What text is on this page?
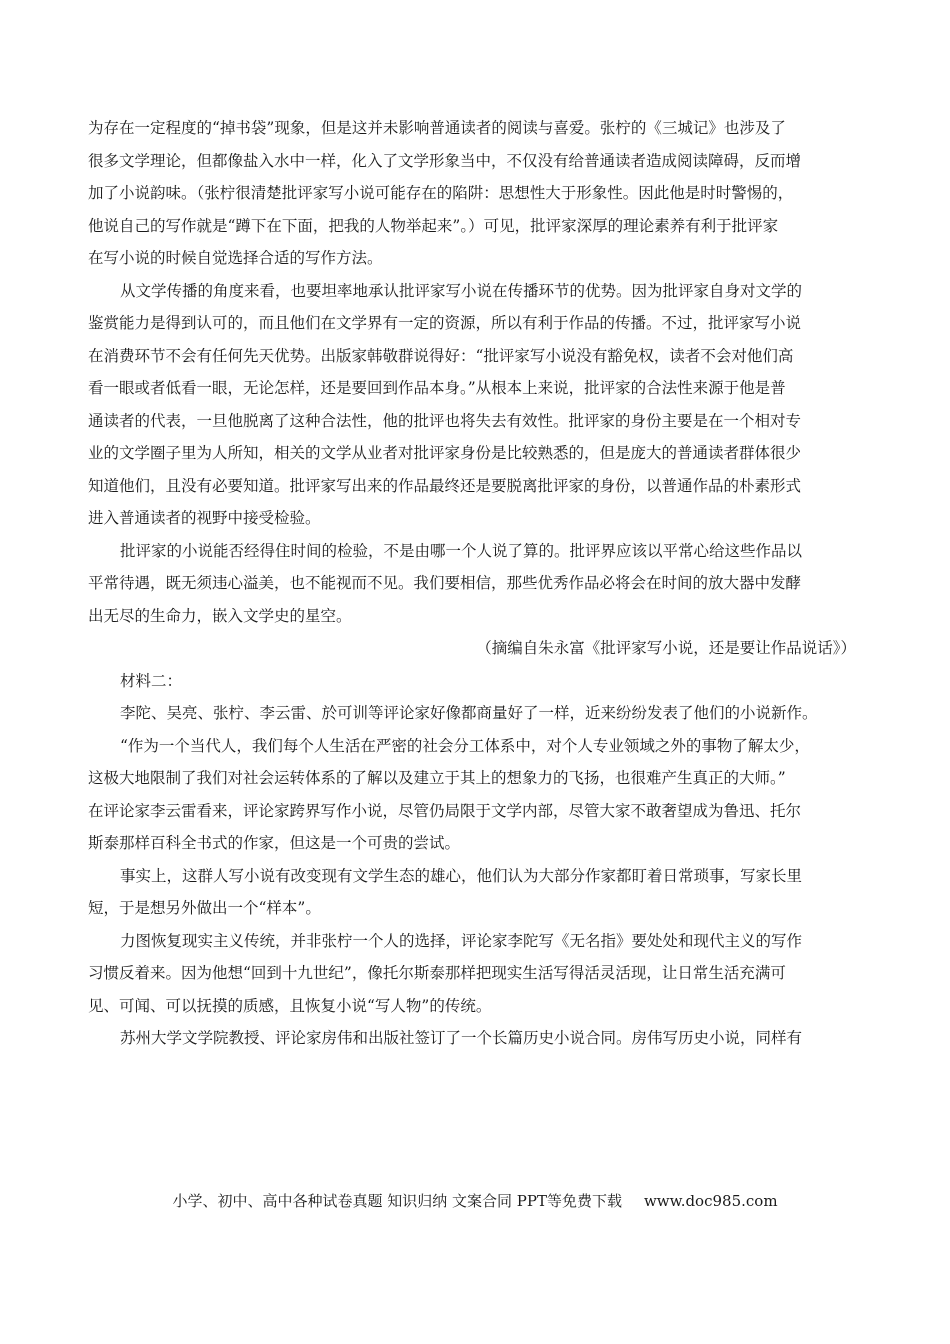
为存在一定程度的“掉书袋”现象，但是这并未影响普通读者的阅读与喜爱。张柠的《三城记》也涉及了
很多文学理论，但都像盐入水中一样，化入了文学形象当中，不仅没有给普通读者造成阅读障碍，反而增
加了小说韵味。（张柠很清楚批评家写小说可能存在的陷阱：思想性大于形象性。因此他是时时警惕的，
他说自己的写作就是“蹲下在下面，把我的人物举起来”。）可见，批评家深厚的理论素养有利于批评家
在写小说的时候自觉选择合适的写作方法。
从文学传播的角度来看，也要坦率地承认批评家写小说在传播环节的优势。因为批评家自身对文学的
鉴赏能力是得到认可的，而且他们在文学界有一定的资源，所以有利于作品的传播。不过，批评家写小说
在消费环节不会有任何先天优势。出版家韩敬群说得好：“批评家写小说没有豁免权，读者不会对他们高
看一眼或者低看一眼，无论怎样，还是要回到作品本身。”从根本上来说，批评家的合法性来源于他是普
通读者的代表，一旦他脱离了这种合法性，他的批评也将失去有效性。批评家的身份主要是在一个相对专
业的文学圈子里为人所知，相关的文学从业者对批评家身份是比较熟悉的，但是庞大的普通读者群体很少
知道他们，且没有必要知道。批评家写出来的作品最终还是要脱离批评家的身份，以普通作品的朴素形式
进入普通读者的视野中接受检验。
批评家的小说能否经得住时间的检验，不是由哪一个人说了算的。批评界应该以平常心给这些作品以
平常待遇，既无须违心溢美，也不能视而不见。我们要相信，那些优秀作品必将会在时间的放大器中发酵
出无尽的生命力，嵌入文学史的星空。
（摘编自朱永富《批评家写小说，还是要让作品说话》）
材料二：
李陀、吴亮、张柠、李云雷、於可训等评论家好像都商量好了一样，近来纷纷发表了他们的小说新作。
“作为一个当代人，我们每个人生活在严密的社会分工体系中，对个人专业领域之外的事物了解太少，
这极大地限制了我们对社会运转体系的了解以及建立于其上的想象力的飞扬，也很难产生真正的大师。”
在评论家李云雷看来，评论家跨界写作小说，尽管仍局限于文学内部，尽管大家不敢奢望成为鲁迅、托尔
斯泰那样百科全书式的作家，但这是一个可贵的尝试。
事实上，这群人写小说有改变现有文学生态的雄心，他们认为大部分作家都盯着日常琐事，写家长里
短，于是想另外做出一个“样本”。
力图恢复现实主义传统，并非张柠一个人的选择，评论家李陀写《无名指》要处处和现代主义的写作
习惯反着来。因为他想“回到十九世纪”，像托尔斯泰那样把现实生活写得活灵活现，让日常生活充满可
见、可闻、可以抚摸的质感，且恢复小说“写人物”的传统。
苏州大学文学院教授、评论家房伟和出版社签订了一个长篇历史小说合同。房伟写历史小说，同样有
小学、初中、高中各种试卷真题 知识归纳 文案合同 PPT等免费下载 www.doc985.com
